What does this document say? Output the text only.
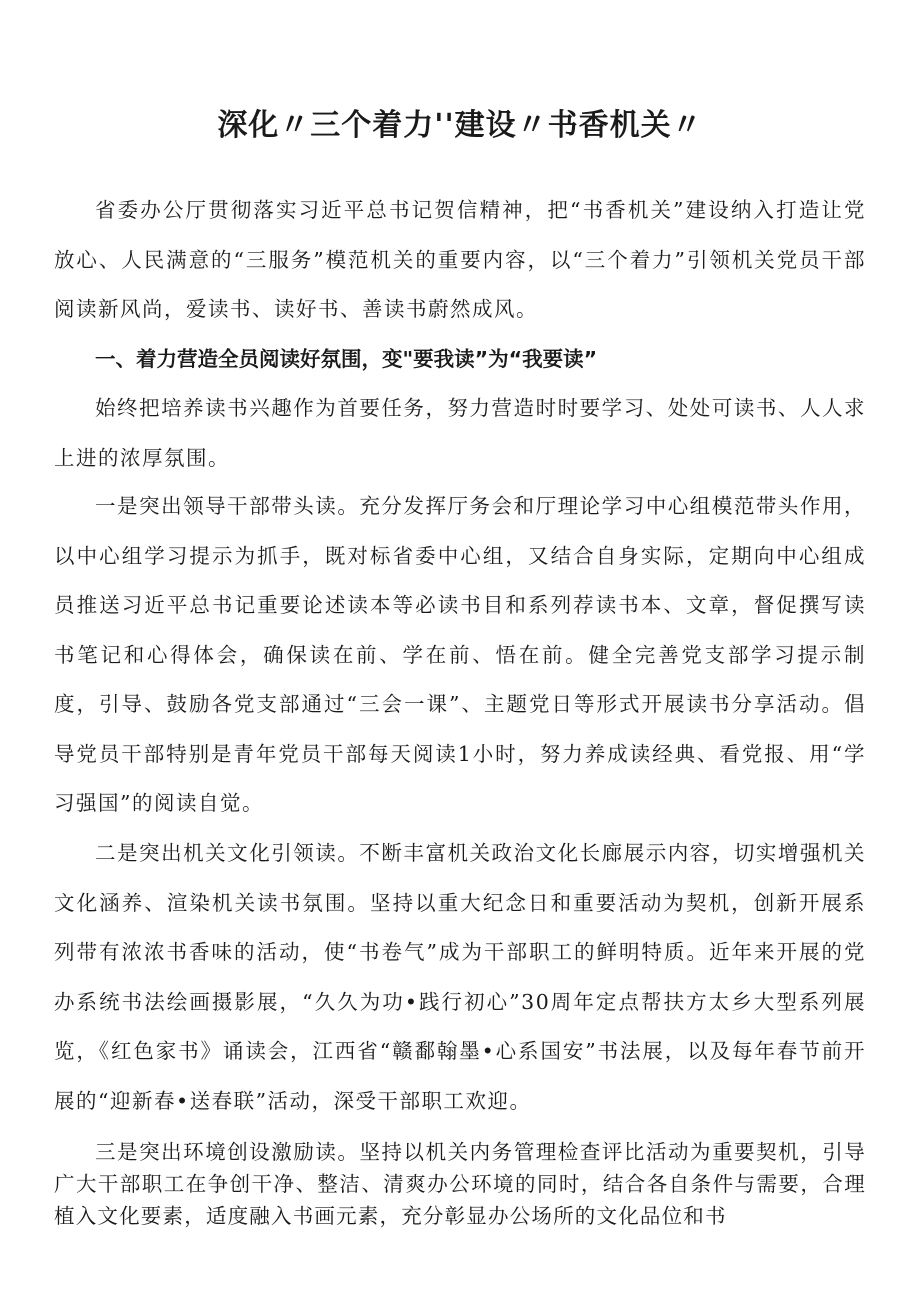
深化〃三个着力''建设〃书香机关〃

省委办公厅贯彻落实习近平总书记贺信精神，把“书香机关”建设纳入打造让党放心、人民满意的“三服务”模范机关的重要内容，以“三个着力”引领机关党员干部阅读新风尚，爱读书、读好书、善读书蔚然成风。

一、着力营造全员阅读好氛围，变"要我读”为“我要读”

始终把培养读书兴趣作为首要任务，努力营造时时要学习、处处可读书、人人求上进的浓厚氛围。

一是突出领导干部带头读。充分发挥厅务会和厅理论学习中心组模范带头作用，以中心组学习提示为抓手，既对标省委中心组，又结合自身实际，定期向中心组成员推送习近平总书记重要论述读本等必读书目和系列荐读书本、文章，督促撰写读书笔记和心得体会，确保读在前、学在前、悟在前。健全完善党支部学习提示制度，引导、鼓励各党支部通过“三会一课”、主题党日等形式开展读书分享活动。倡导党员干部特别是青年党员干部每天阅读1小时，努力养成读经典、看党报、用“学习强国”的阅读自觉。

二是突出机关文化引领读。不断丰富机关政治文化长廊展示内容，切实增强机关文化涵养、渲染机关读书氛围。坚持以重大纪念日和重要活动为契机，创新开展系列带有浓浓书香味的活动，使“书卷气”成为干部职工的鲜明特质。近年来开展的党办系统书法绘画摄影展，“久久为功•践行初心”30周年定点帮扶方太乡大型系列展览，《红色家书》诵读会，江西省“赣鄱翰墨•心系国安”书法展，以及每年春节前开展的“迎新春•送春联”活动，深受干部职工欢迎。

三是突出环境创设激励读。坚持以机关内务管理检查评比活动为重要契机，引导广大干部职工在争创干净、整洁、清爽办公环境的同时，结合各自条件与需要，合理植入文化要素，适度融入书画元素，充分彰显办公场所的文化品位和书
